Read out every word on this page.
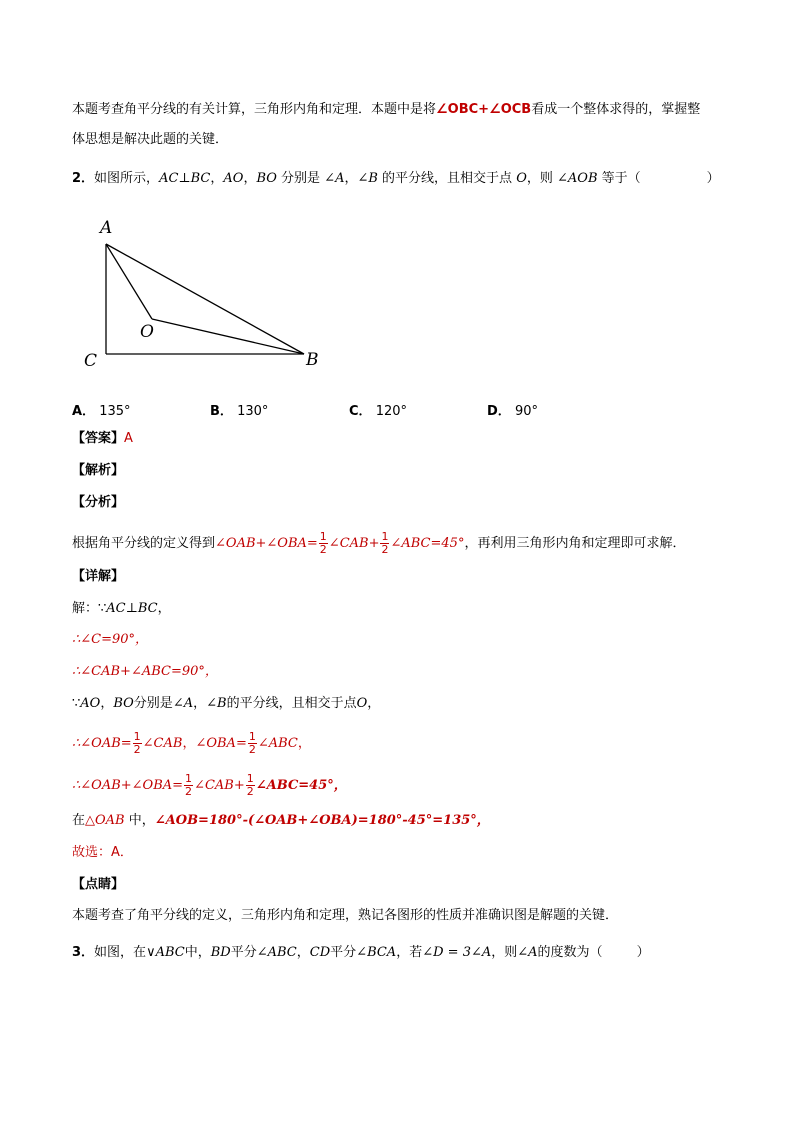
本题考查角平分线的有关计算，三角形内角和定理．本题中是将∠OBC+∠OCB看成一个整体求得的，掌握整
体思想是解决此题的关键．
2．如图所示，AC⊥BC，AO，BO 分别是 ∠A，∠B 的平分线，且相交于点 O，则 ∠AOB 等于（	）
A
C	B
O
A． 135°	B． 130°	C． 120°	D． 90°
【答案】A
【解析】
【分析】
根据角平分线的定义得到∠OAB+∠OBA= $\frac{1}{2}$ ∠CAB+ $\frac{1}{2}$ ∠ABC=45°，再利用三角形内角和定理即可求解．
【详解】
解：∵AC⊥BC，
∴∠C=90°，
∴∠CAB+∠ABC=90°，
∵AO，BO分别是∠A，∠B的平分线，且相交于点O，
∴∠OAB= $\frac{1}{2}$ ∠CAB，∠OBA= $\frac{1}{2}$ ∠ABC，
∴∠OAB+∠OBA= $\frac{1}{2}$ ∠CAB+ $\frac{1}{2}$ ∠ABC=45°，
在△OAB 中，∠AOB=180°-(∠OAB+∠OBA)=180°-45°=135°，
故选：A．
【点睛】
本题考查了角平分线的定义，三角形内角和定理，熟记各图形的性质并准确识图是解题的关键．
3．如图，在∨ABC中，BD平分∠ABC，CD平分∠BCA，若∠D = 3∠A，则∠A的度数为（	）
